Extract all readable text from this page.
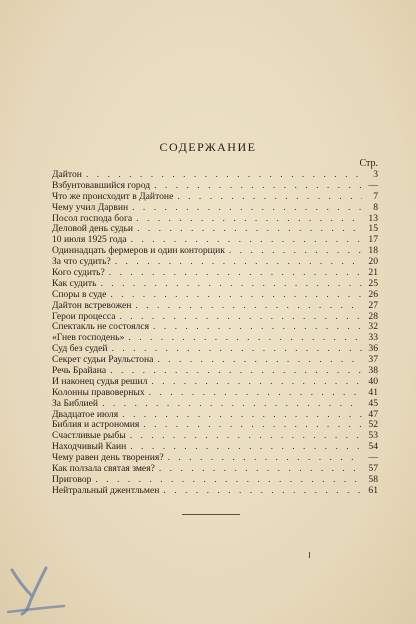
СОДЕРЖАНИЕ
Стр.
Дайтон . . .	3
Взбунтовавшийся город . . .	—
Что же происходит в Дайтоне . . .	7
Чему учил Дарвин . . .	8
Посол господа бога . . .	13
Деловой день судьи . . .	15
10 июля 1925 года . . .	17
Одиннадцать фермеров и один конторщик . . .	18
За что судить? . . .	20
Кого судить? . . .	21
Как судить . . .	25
Споры в суде . . .	26
Дайтон встревожен . . .	27
Герои процесса . . .	28
Спектакль не состоялся . . .	32
«Гнев господень» . . .	33
Суд без судей . . .	36
Секрет судьи Раульстона . . .	37
Речь Брайана . . .	38
И наконец судья решил . . .	40
Колонны правоверных . . .	41
За Библией . . .	45
Двадцатое июля . . .	47
Библия и астрономия . . .	52
Счастливые рыбы . . .	53
Находчивый Каин . . .	54
Чему равен день творения? . . .	—
Как ползала святая змея? . . .	57
Приговор . . .	58
Нейтральный джентльмен . . .	61
